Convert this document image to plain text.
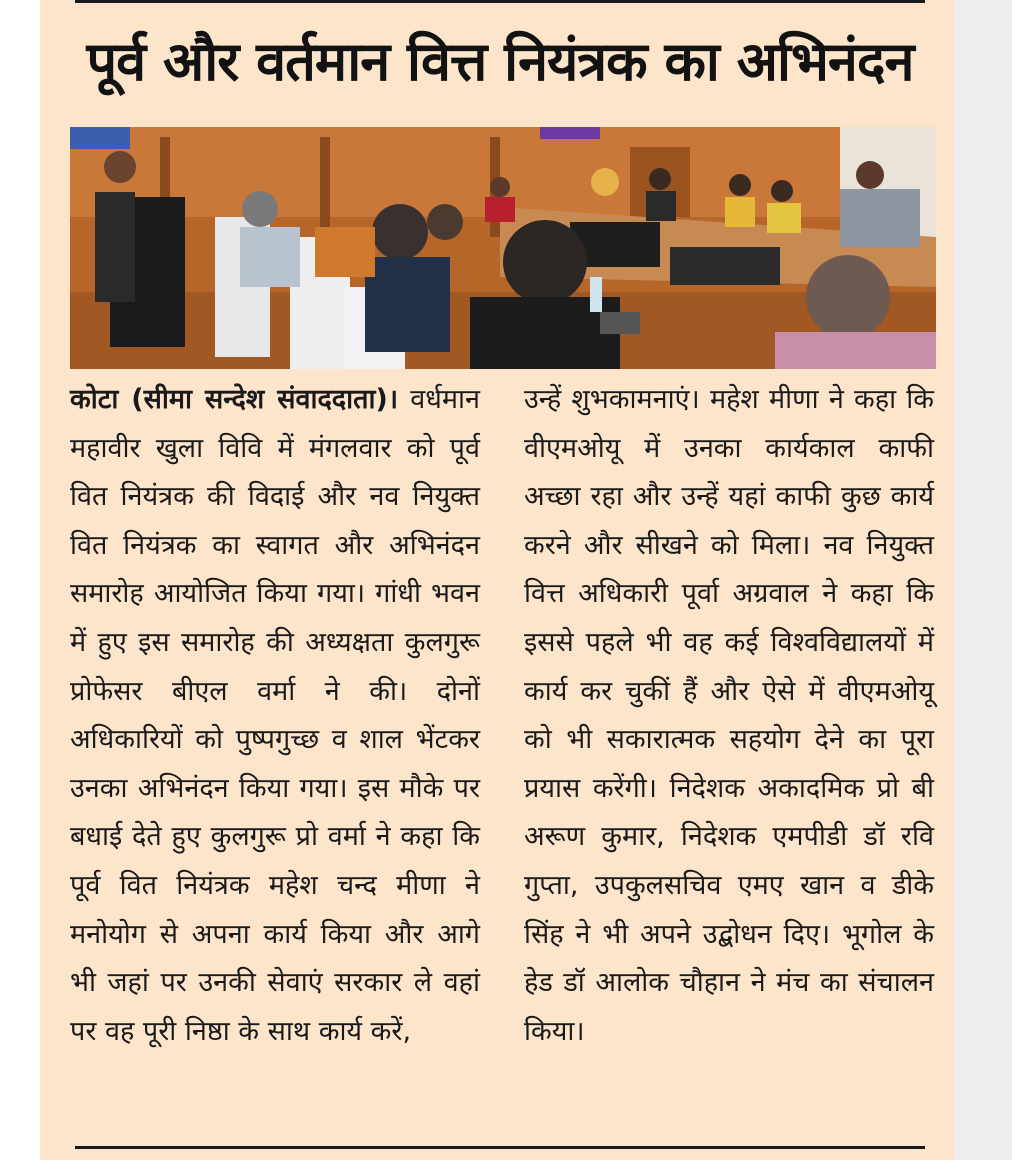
पूर्व और वर्तमान वित्त नियंत्रक का अभिनंदन
कोटा (सीमा सन्देश संवाददाता)। वर्धमान महावीर खुला विवि में मंगलवार को पूर्व वित नियंत्रक की विदाई और नव नियुक्त वित नियंत्रक का स्वागत और अभिनंदन समारोह आयोजित किया गया। गांधी भवन में हुए इस समारोह की अध्यक्षता कुलगुरू प्रोफेसर बीएल वर्मा ने की। दोनों अधिकारियों को पुष्पगुच्छ व शाल भेंटकर उनका अभिनंदन किया गया। इस मौके पर बधाई देते हुए कुलगुरू प्रो वर्मा ने कहा कि पूर्व वित नियंत्रक महेश चन्द मीणा ने मनोयोग से अपना कार्य किया और आगे भी जहां पर उनकी सेवाएं सरकार ले वहां पर वह पूरी निष्ठा के साथ कार्य करें,
उन्हें शुभकामनाएं। महेश मीणा ने कहा कि वीएमओयू में उनका कार्यकाल काफी अच्छा रहा और उन्हें यहां काफी कुछ कार्य करने और सीखने को मिला। नव नियुक्त वित्त अधिकारी पूर्वा अग्रवाल ने कहा कि इससे पहले भी वह कई विश्वविद्यालयों में कार्य कर चुकीं हैं और ऐसे में वीएमओयू को भी सकारात्मक सहयोग देने का पूरा प्रयास करेंगी। निदेशक अकादमिक प्रो बी अरूण कुमार, निदेशक एमपीडी डॉ रवि गुप्ता, उपकुलसचिव एमए खान व डीके सिंह ने भी अपने उद्बोधन दिए। भूगोल के हेड डॉ आलोक चौहान ने मंच का संचालन किया।
